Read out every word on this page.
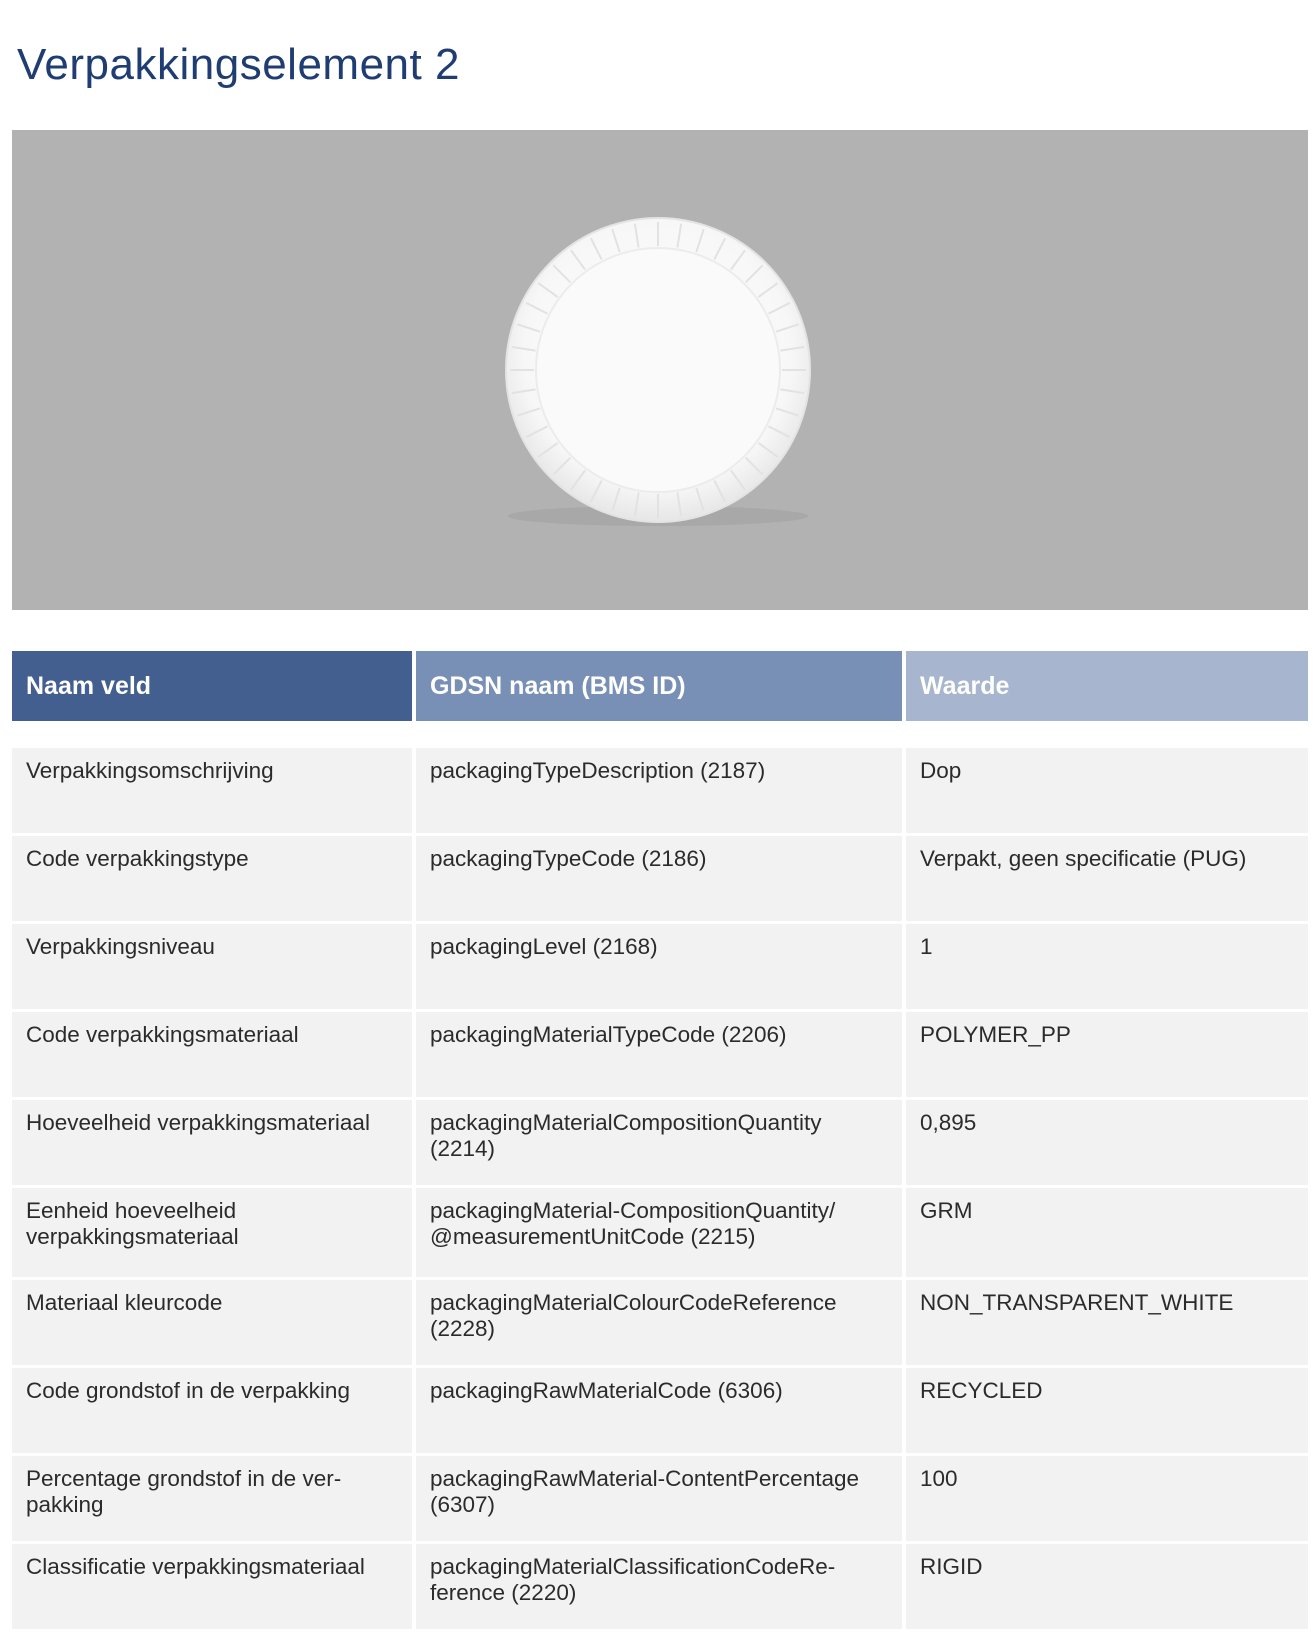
Verpakkingselement 2
Naam veld	GDSN naam (BMS ID)	Waarde

Verpakkingsomschrijving	packagingTypeDescription (2187)	Dop
Code verpakkingstype	packagingTypeCode (2186)	Verpakt, geen specificatie (PUG)
Verpakkingsniveau	packagingLevel (2168)	1
Code verpakkingsmateriaal	packagingMaterialTypeCode (2206)	POLYMER_PP
Hoeveelheid verpakkingsmateriaal	packagingMaterialCompositionQuantity (2214)	0,895
Eenheid hoeveelheid verpakkingsmateriaal	packagingMaterial-CompositionQuantity/ @measurementUnitCode (2215)	GRM
Materiaal kleurcode	packagingMaterialColourCodeReference (2228)	NON_TRANSPARENT_WHITE
Code grondstof in de verpakking	packagingRawMaterialCode (6306)	RECYCLED
Percentage grondstof in de ver-pakking	packagingRawMaterial-ContentPercentage (6307)	100
Classificatie verpakkingsmateriaal	packagingMaterialClassificationCodeRe-ference (2220)	RIGID
